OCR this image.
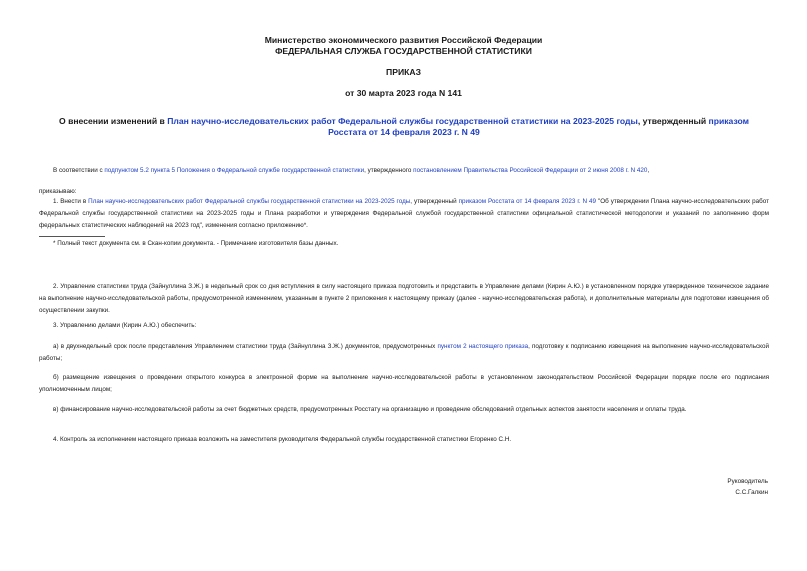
Министерство экономического развития Российской Федерации
ФЕДЕРАЛЬНАЯ СЛУЖБА ГОСУДАРСТВЕННОЙ СТАТИСТИКИ
ПРИКАЗ
от 30 марта 2023 года N 141
О внесении изменений в План научно-исследовательских работ Федеральной службы государственной статистики на 2023-2025 годы, утвержденный приказом Росстата от 14 февраля 2023 г. N 49
В соответствии с подпунктом 5.2 пункта 5 Положения о Федеральной службе государственной статистики, утвержденного постановлением Правительства Российской Федерации от 2 июня 2008 г. N 420,
приказываю:
1. Внести в План научно-исследовательских работ Федеральной службы государственной статистики на 2023-2025 годы, утвержденный приказом Росстата от 14 февраля 2023 г. N 49 "Об утверждении Плана научно-исследовательских работ Федеральной службы государственной статистики на 2023-2025 годы и Плана разработки и утверждения Федеральной службой государственной статистики официальной статистической методологии и указаний по заполнению форм федеральных статистических наблюдений на 2023 год", изменения согласно приложению*.
* Полный текст документа см. в Скан-копии документа. - Примечание изготовителя базы данных.
2. Управление статистики труда (Зайнуллина З.Ж.) в недельный срок со дня вступления в силу настоящего приказа подготовить и представить в Управление делами (Кирин А.Ю.) в установленном порядке утвержденное техническое задание на выполнение научно-исследовательской работы, предусмотренной изменением, указанным в пункте 2 приложения к настоящему приказу (далее - научно-исследовательская работа), и дополнительные материалы для подготовки извещения об осуществлении закупки.
3. Управлению делами (Кирин А.Ю.) обеспечить:
а) в двухнедельный срок после представления Управлением статистики труда (Зайнуллина З.Ж.) документов, предусмотренных пунктом 2 настоящего приказа, подготовку к подписанию извещения на выполнение научно-исследовательской работы;
б) размещение извещения о проведении открытого конкурса в электронной форме на выполнение научно-исследовательской работы в установленном законодательством Российской Федерации порядке после его подписания уполномоченным лицом;
в) финансирование научно-исследовательской работы за счет бюджетных средств, предусмотренных Росстату на организацию и проведение обследований отдельных аспектов занятости населения и оплаты труда.
4. Контроль за исполнением настоящего приказа возложить на заместителя руководителя Федеральной службы государственной статистики Егоренко С.Н.
Руководитель
С.С.Галкин
